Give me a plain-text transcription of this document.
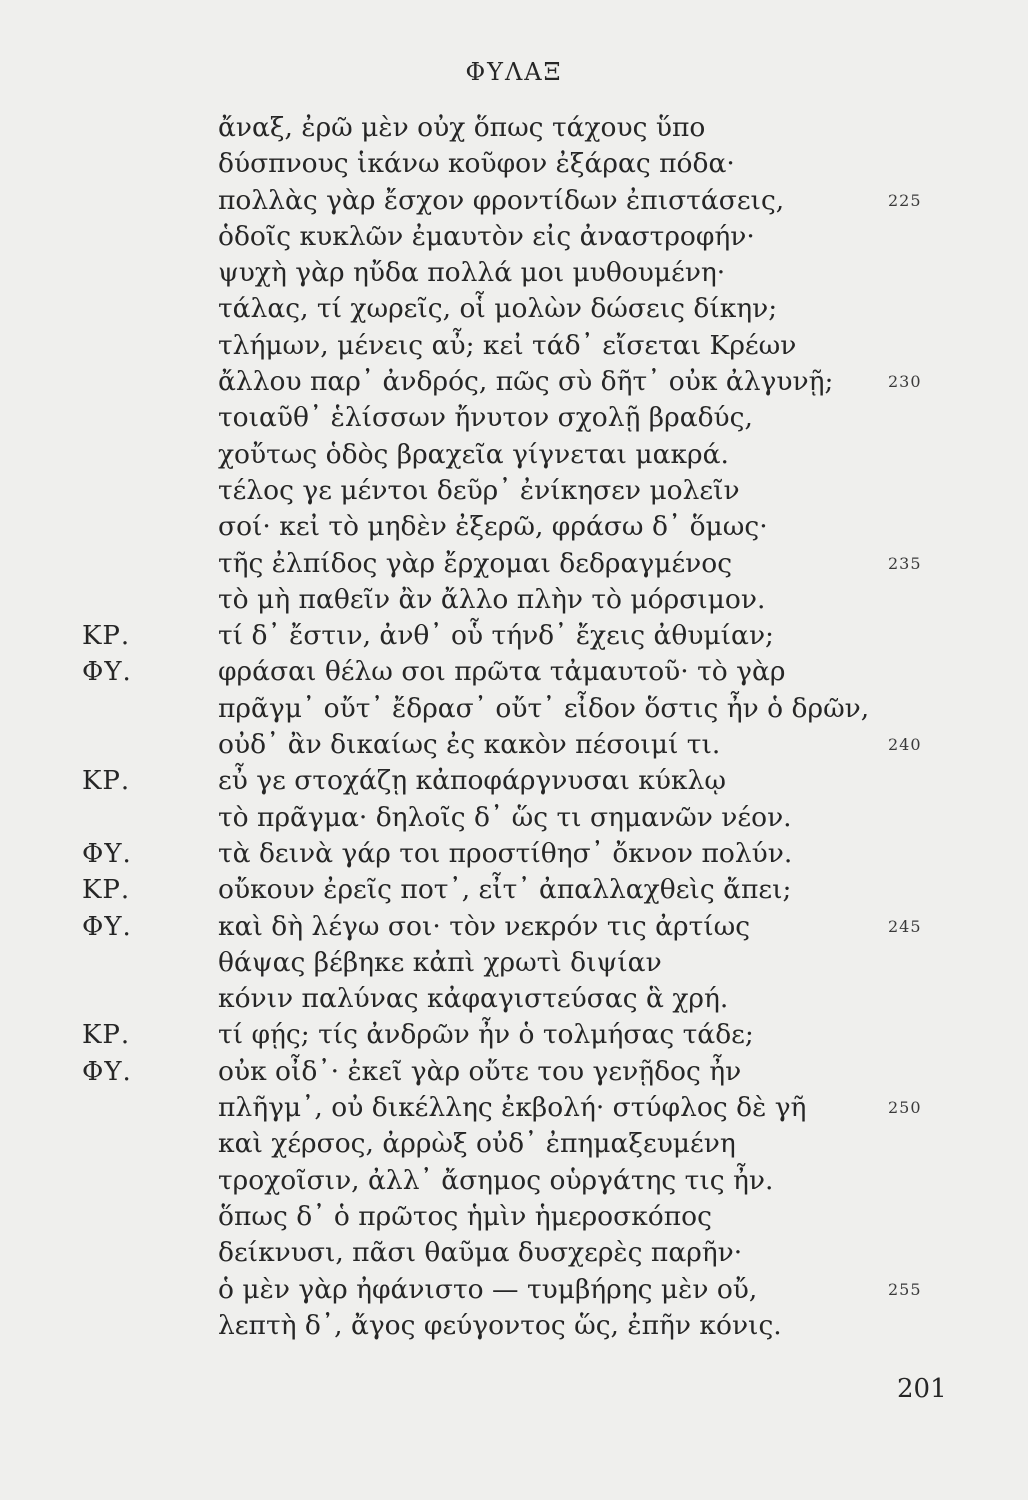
ΦΥΛΑΞ
ἄναξ, ἐρῶ μὲν οὐχ ὅπως τάχους ὕπο
δύσπνους ἱκάνω κοῦφον ἐξάρας πόδα·
πολλὰς γὰρ ἔσχον φροντίδων ἐπιστάσεις,	225
ὁδοῖς κυκλῶν ἐμαυτὸν εἰς ἀναστροφήν·
ψυχὴ γὰρ ηὔδα πολλά μοι μυθουμένη·
τάλας, τί χωρεῖς, οἷ μολὼν δώσεις δίκην;
τλήμων, μένεις αὖ; κεἰ τάδ᾽ εἴσεται Κρέων
ἄλλου παρ᾽ ἀνδρός, πῶς σὺ δῆτ᾽ οὐκ ἀλγυνῇ;	230
τοιαῦθ᾽ ἑλίσσων ἤνυτον σχολῇ βραδύς,
χοὔτως ὁδὸς βραχεῖα γίγνεται μακρά.
τέλος γε μέντοι δεῦρ᾽ ἐνίκησεν μολεῖν
σοί· κεἰ τὸ μηδὲν ἐξερῶ, φράσω δ᾽ ὅμως·
τῆς ἐλπίδος γὰρ ἔρχομαι δεδραγμένος	235
τὸ μὴ παθεῖν ἂν ἄλλο πλὴν τὸ μόρσιμον.
ΚΡ.	τί δ᾽ ἔστιν, ἀνθ᾽ οὗ τήνδ᾽ ἔχεις ἀθυμίαν;
ΦΥ.	φράσαι θέλω σοι πρῶτα τἀμαυτοῦ· τὸ γὰρ
πρᾶγμ᾽ οὔτ᾽ ἔδρασ᾽ οὔτ᾽ εἶδον ὅστις ἦν ὁ δρῶν,
οὐδ᾽ ἂν δικαίως ἐς κακὸν πέσοιμί τι.	240
ΚΡ.	εὖ γε στοχάζῃ κἀποφάργνυσαι κύκλῳ
τὸ πρᾶγμα· δηλοῖς δ᾽ ὥς τι σημανῶν νέον.
ΦΥ.	τὰ δεινὰ γάρ τοι προστίθησ᾽ ὄκνον πολύν.
ΚΡ.	οὔκουν ἐρεῖς ποτ᾽, εἶτ᾽ ἀπαλλαχθεὶς ἄπει;
ΦΥ.	καὶ δὴ λέγω σοι· τὸν νεκρόν τις ἀρτίως	245
θάψας βέβηκε κἀπὶ χρωτὶ διψίαν
κόνιν παλύνας κἀφαγιστεύσας ἃ χρή.
ΚΡ.	τί φῄς; τίς ἀνδρῶν ἦν ὁ τολμήσας τάδε;
ΦΥ.	οὐκ οἶδ᾽· ἐκεῖ γὰρ οὔτε του γενῇδος ἦν
πλῆγμ᾽, οὐ δικέλλης ἐκβολή· στύφλος δὲ γῆ	250
καὶ χέρσος, ἀρρὼξ οὐδ᾽ ἐπημαξευμένη
τροχοῖσιν, ἀλλ᾽ ἄσημος οὑργάτης τις ἦν.
ὅπως δ᾽ ὁ πρῶτος ἡμὶν ἡμεροσκόπος
δείκνυσι, πᾶσι θαῦμα δυσχερὲς παρῆν·
ὁ μὲν γὰρ ἠφάνιστο — τυμβήρης μὲν οὔ,	255
λεπτὴ δ᾽, ἄγος φεύγοντος ὥς, ἐπῆν κόνις.
201
